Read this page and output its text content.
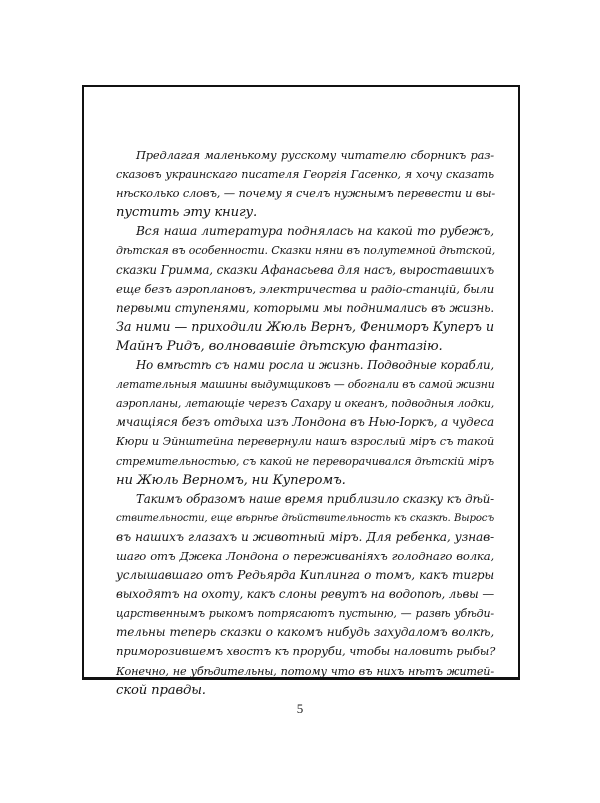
Предлагая маленькому русскому читателю сборникъ раз-
сказовъ украинскаго писателя Георгія Гасенко, я хочу сказать
нѣсколько словъ, — почему я счелъ нужнымъ перевести и вы-
пустить эту книгу.
Вся наша литература поднялась на какой то рубежъ,
дѣтская въ особенности. Сказки няни въ полутемной дѣтской,
сказки Гримма, сказки Афанасьева для насъ, выроставшихъ
еще безъ аэроплановъ, электричества и радіо-станцій, были
первыми ступенями, которыми мы поднимались въ жизнь.
За ними — приходили Жюль Вернъ, Фениморъ Куперъ и
Майнъ Ридъ, волновавшіе дѣтскую фантазію.
Но вмѣстѣ съ нами росла и жизнь. Подводные корабли,
летательныя машины выдумщиковъ — обогнали въ самой жизни
аэропланы, летающіе черезъ Сахару и океанъ, подводныя лодки,
мчащіяся безъ отдыха изъ Лондона въ Нью-Іоркъ, а чудеса
Кюри и Эйнштейна перевернули нашъ взрослый міръ съ такой
стремительностью, съ какой не переворачивался дѣтскій міръ
ни Жюль Верномъ, ни Куперомъ.
Такимъ образомъ наше время приблизило сказку къ дѣй-
ствительности, еще вѣрнѣе дѣйствительность къ сказкѣ. Выросъ
въ нашихъ глазахъ и животный міръ. Для ребенка, узнав-
шаго отъ Джека Лондона о переживаніяхъ голоднаго волка,
услышавшаго отъ Редьярда Киплинга о томъ, какъ тигры
выходятъ на охоту, какъ слоны ревутъ на водопоѣ, львы —
царственнымъ рыкомъ потрясаютъ пустыню, — развѣ убѣди-
тельны теперь сказки о какомъ нибудь захудаломъ волкѣ,
приморозившемъ хвостъ къ проруби, чтобы наловить рыбы?
Конечно, не убѣдительны, потому что въ нихъ нѣтъ житей-
ской правды.
5
